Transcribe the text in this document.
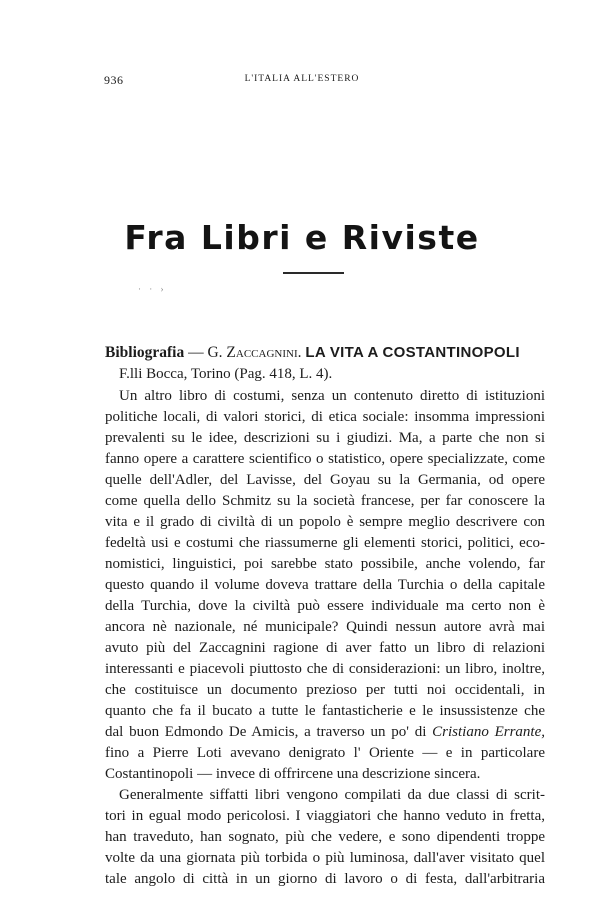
936	L'ITALIA ALL'ESTERO
Fra Libri e Riviste
· · ›
Bibliografia — G. Zaccagnini. LA VITA A COSTANTINOPOLI
F.lli Bocca, Torino (Pag. 418, L. 4).
Un altro libro di costumi, senza un contenuto diretto di istituzioni
politiche locali, di valori storici, di etica sociale: insomma impressioni
prevalenti su le idee, descrizioni su i giudizi. Ma, a parte che non si
fanno opere a carattere scientifico o statistico, opere specializzate, come
quelle dell'Adler, del Lavisse, del Goyau su la Germania, od opere
come quella dello Schmitz su la società francese, per far conoscere la
vita e il grado di civiltà di un popolo è sempre meglio descrivere con
fedeltà usi e costumi che riassumerne gli elementi storici, politici, eco-
nomistici, linguistici, poi sarebbe stato possibile, anche volendo, far
questo quando il volume doveva trattare della Turchia o della capitale
della Turchia, dove la civiltà può essere individuale ma certo non è
ancora nè nazionale, né municipale? Quindi nessun autore avrà mai
avuto più del Zaccagnini ragione di aver fatto un libro di relazioni
interessanti e piacevoli piuttosto che di considerazioni: un libro, inoltre,
che costituisce un documento prezioso per tutti noi occidentali, in
quanto che fa il bucato a tutte le fantasticherie e le insussistenze che
dal buon Edmondo De Amicis, a traverso un po' di Cristiano Errante,
fino a Pierre Loti avevano denigrato l' Oriente — e in particolare
Costantinopoli — invece di offrircene una descrizione sincera.
Generalmente siffatti libri vengono compilati da due classi di scrit-
tori in egual modo pericolosi. I viaggiatori che hanno veduto in fretta,
han traveduto, han sognato, più che vedere, e sono dipendenti troppe
volte da una giornata più torbida o più luminosa, dall'aver visitato quel
tale angolo di città in un giorno di lavoro o di festa, dall'arbitraria
